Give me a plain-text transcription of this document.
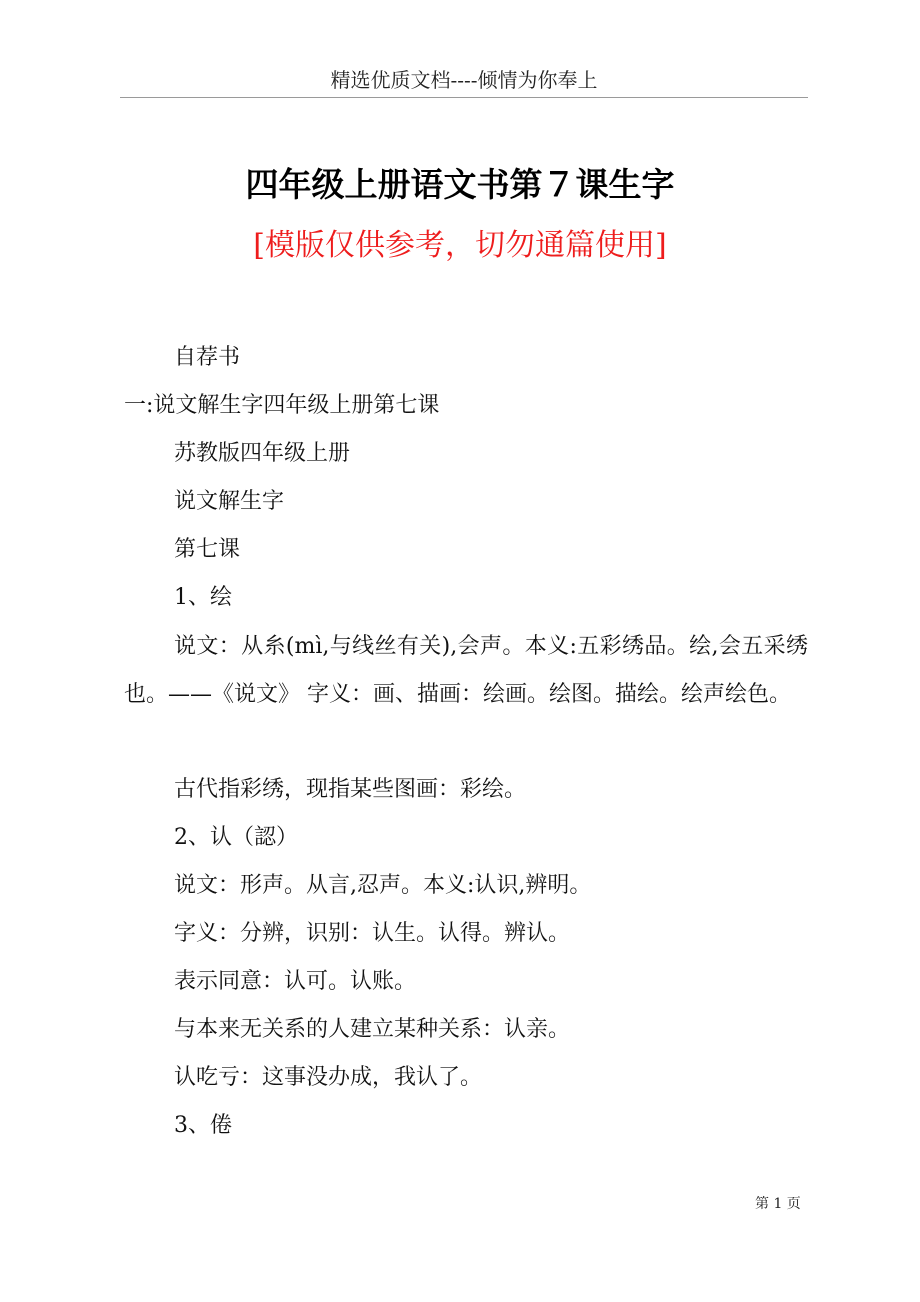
精选优质文档----倾情为你奉上
四年级上册语文书第７课生字
[模版仅供参考，切勿通篇使用]
自荐书
一:说文解生字四年级上册第七课
苏教版四年级上册
说文解生字
第七课
1、绘
说文：从糸(mì,与线丝有关),会声。本义:五彩绣品。绘,会五采绣也。——《说文》 字义：画、描画：绘画。绘图。描绘。绘声绘色。
古代指彩绣，现指某些图画：彩绘。
2、认（認）
说文：形声。从言,忍声。本义:认识,辨明。
字义：分辨，识别：认生。认得。辨认。
表示同意：认可。认账。
与本来无关系的人建立某种关系：认亲。
认吃亏：这事没办成，我认了。
3、倦
第 1 页
